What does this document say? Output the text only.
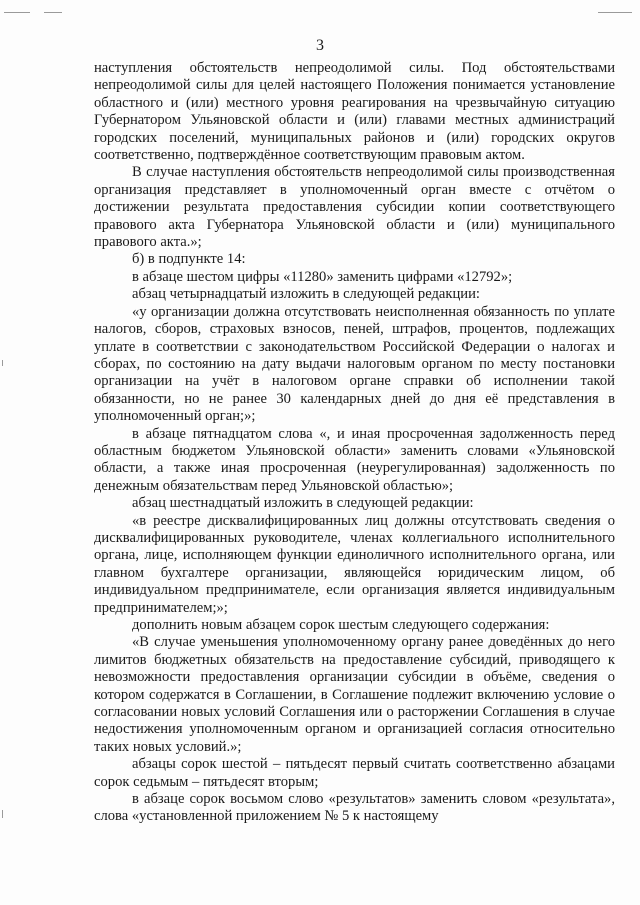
3

наступления обстоятельств непреодолимой силы. Под обстоятельствами непреодолимой силы для целей настоящего Положения понимается установление областного и (или) местного уровня реагирования на чрезвычайную ситуацию Губернатором Ульяновской области и (или) главами местных администраций городских поселений, муниципальных районов и (или) городских округов соответственно, подтверждённое соответствующим правовым актом.

В случае наступления обстоятельств непреодолимой силы производственная организация представляет в уполномоченный орган вместе с отчётом о достижении результата предоставления субсидии копии соответствующего правового акта Губернатора Ульяновской области и (или) муниципального правового акта.»;

б) в подпункте 14:

в абзаце шестом цифры «11280» заменить цифрами «12792»;

абзац четырнадцатый изложить в следующей редакции:

«у организации должна отсутствовать неисполненная обязанность по уплате налогов, сборов, страховых взносов, пеней, штрафов, процентов, подлежащих уплате в соответствии с законодательством Российской Федерации о налогах и сборах, по состоянию на дату выдачи налоговым органом по месту постановки организации на учёт в налоговом органе справки об исполнении такой обязанности, но не ранее 30 календарных дней до дня её представления в уполномоченный орган;»;

в абзаце пятнадцатом слова «, и иная просроченная задолженность перед областным бюджетом Ульяновской области» заменить словами «Ульяновской области, а также иная просроченная (неурегулированная) задолженность по денежным обязательствам перед Ульяновской областью»;

абзац шестнадцатый изложить в следующей редакции:

«в реестре дисквалифицированных лиц должны отсутствовать сведения о дисквалифицированных руководителе, членах коллегиального исполнительного органа, лице, исполняющем функции единоличного исполнительного органа, или главном бухгалтере организации, являющейся юридическим лицом, об индивидуальном предпринимателе, если организация является индивидуальным предпринимателем;»;

дополнить новым абзацем сорок шестым следующего содержания:

«В случае уменьшения уполномоченному органу ранее доведённых до него лимитов бюджетных обязательств на предоставление субсидий, приводящего к невозможности предоставления организации субсидии в объёме, сведения о котором содержатся в Соглашении, в Соглашение подлежит включению условие о согласовании новых условий Соглашения или о расторжении Соглашения в случае недостижения уполномоченным органом и организацией согласия относительно таких новых условий.»;

абзацы сорок шестой – пятьдесят первый считать соответственно абзацами сорок седьмым – пятьдесят вторым;

в абзаце сорок восьмом слово «результатов» заменить словом «результата», слова «установленной приложением № 5 к настоящему
